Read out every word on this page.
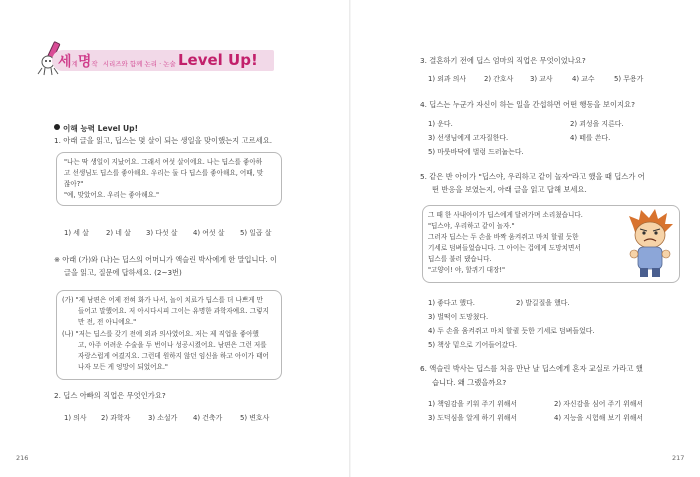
세계명작 시리즈와 함께 논리 · 논술 Level Up!
이해 능력 Level Up!
1. 아래 글을 읽고, 딥스는 몇 살이 되는 생일을 맞이했는지 고르세요.
"나는 딱 생일이 지났어요. 그래서 여섯 살이에요. 나는 딥스를 좋아하
고 선생님도 딥스를 좋아해요. 우리는 둘 다 딥스를 좋아해요, 어때, 맞
잖아?"
"예, 맞았어요. 우리는 좋아해요."
1) 세 살 2) 네 살 3) 다섯 살 4) 여섯 살 5) 일곱 살
※ 아래 (가)와 (나)는 딥스의 어머니가 액슬린 박사에게 한 말입니다. 이
글을 읽고, 질문에 답하세요. (2~3번)
(가) "제 남편은 어제 전혀 화가 나서, 놀이 치료가 딥스를 더 나쁘게 만
들어고 말했어요. 저 아시다시피 그이는 유명한 과학자예요. 그렇지
만 전, 전 아니에요."
(나) "저는 딥스를 갖기 전에 외과 의사였어요. 저는 제 직업을 좋아했
고, 아주 어려운 수술을 두 번이나 성공시켰어요. 남편은 그런 저를
자랑스럽게 여겼지요. 그런데 원하지 않던 임신을 하고 아이가 태어
나자 모든 게 엉망이 되었어요."
2. 딥스 아빠의 직업은 무엇인가요?
1) 의사 2) 과학자	3) 소설가 4) 건축가	5) 변호사
216
3. 결혼하기 전에 딥스 엄마의 직업은 무엇이었나요?
1) 외과 의사	2) 간호사 3) 교사	4) 교수	5) 무용가
4. 딥스는 누군가 자신이 하는 일을 간섭하면 어떤 행동을 보이지요?
1) 운다.	2) 괴성을 지른다.
3) 선생님에게 고자질한다.	4) 떼를 쓴다.
5) 마룻바닥에 벌렁 드러눕는다.
5. 같은 반 아이가 "딥스야, 우리하고 같이 놀자"라고 했을 때 딥스가 어
떤 반응을 보였는지, 아래 글을 읽고 답해 보세요.
그 때 한 사내아이가 딥스에게 달려가며 소리쳤습니다.
"딥스야, 우리하고 같이 놀자."
그러자 딥스는 두 손을 바짝 움켜쥐고 마치 할퀼 듯한
기세로 덤벼들었습니다. 그 아이는 겁에게 도망치면서
딥스를 불러 댔습니다.
"고양이! 야, 할퀴기 대장!"
1) 좋다고 했다.	2) 발길질을 했다.
3) 벌떡이 도망쳤다.
4) 두 손을 움켜쥐고 마치 할퀼 듯한 기세로 덤벼들었다.
5) 책상 밑으로 기어들어갔다.
6. 액슬린 박사는 딥스를 처음 만난 날 딥스에게 혼자 교실로 가라고 했
습니다. 왜 그랬을까요?
1) 책임감을 키워 주기 위해서	2) 자신감을 심어 주기 위해서
3) 도덕심을 알게 하기 위해서	4) 지능을 시험해 보기 위해서
217
